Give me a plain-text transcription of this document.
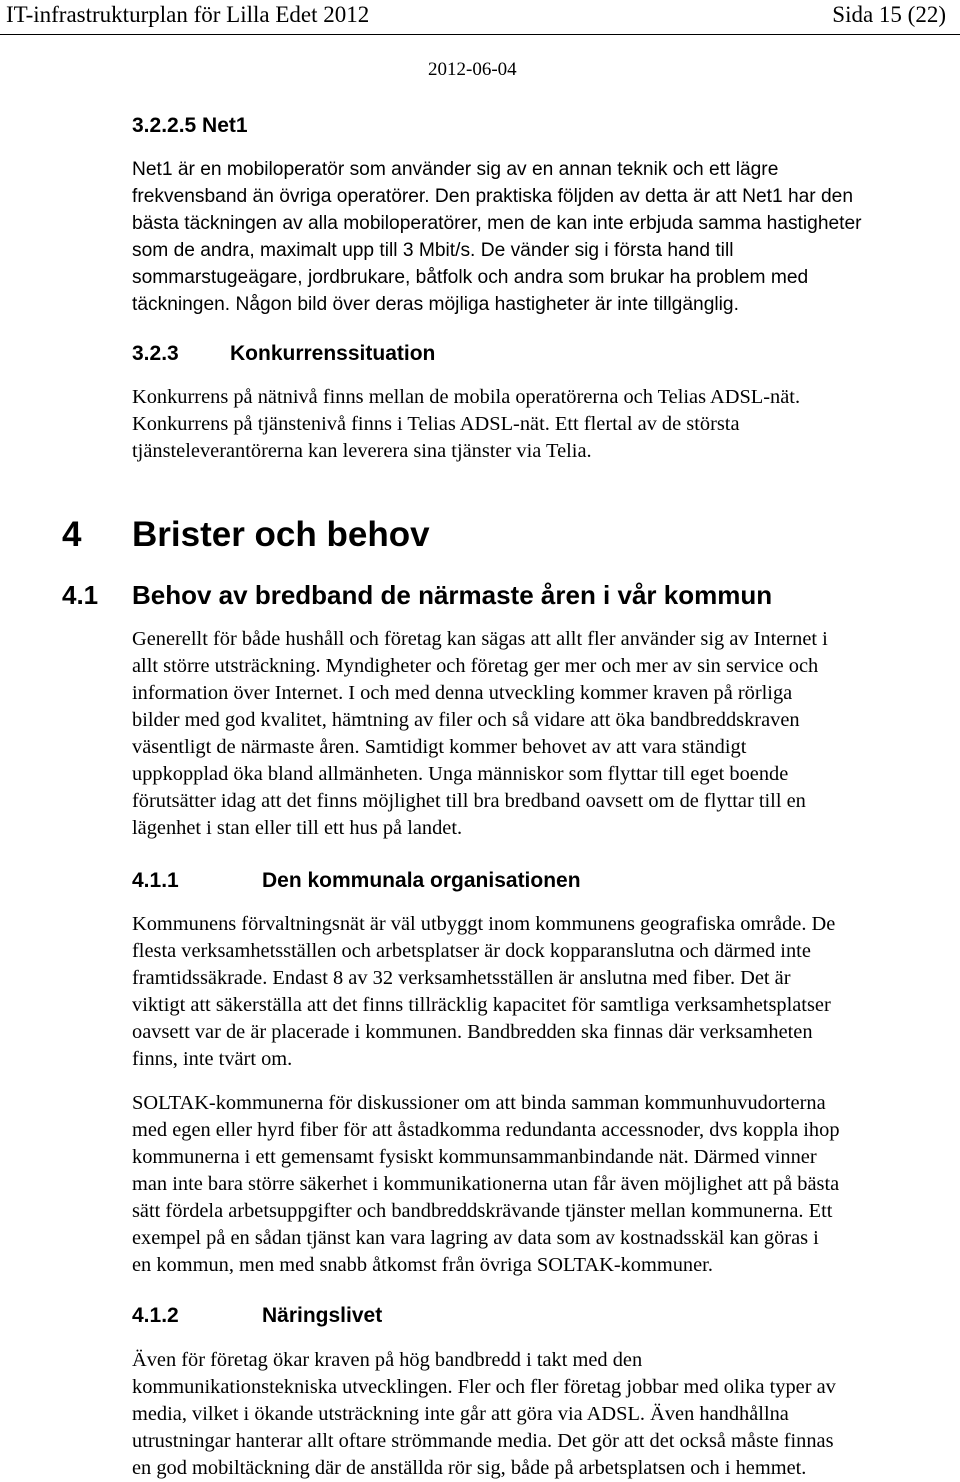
IT-infrastrukturplan för Lilla Edet 2012	Sida 15 (22)
2012-06-04
3.2.2.5 Net1
Net1 är en mobiloperatör som använder sig av en annan teknik och ett lägre
frekvensband än övriga operatörer. Den praktiska följden av detta är att Net1 har den
bästa täckningen av alla mobiloperatörer, men de kan inte erbjuda samma hastigheter
som de andra, maximalt upp till 3 Mbit/s. De vänder sig i första hand till
sommarstugeägare, jordbrukare, båtfolk och andra som brukar ha problem med
täckningen. Någon bild över deras möjliga hastigheter är inte tillgänglig.
3.2.3 Konkurrenssituation
Konkurrens på nätnivå finns mellan de mobila operatörerna och Telias ADSL-nät.
Konkurrens på tjänstenivå finns i Telias ADSL-nät. Ett flertal av de största
tjänsteleverantörerna kan leverera sina tjänster via Telia.
4 Brister och behov
4.1 Behov av bredband de närmaste åren i vår kommun
Generellt för både hushåll och företag kan sägas att allt fler använder sig av Internet i
allt större utsträckning. Myndigheter och företag ger mer och mer av sin service och
information över Internet. I och med denna utveckling kommer kraven på rörliga
bilder med god kvalitet, hämtning av filer och så vidare att öka bandbreddskraven
väsentligt de närmaste åren. Samtidigt kommer behovet av att vara ständigt
uppkopplad öka bland allmänheten. Unga människor som flyttar till eget boende
förutsätter idag att det finns möjlighet till bra bredband oavsett om de flyttar till en
lägenhet i stan eller till ett hus på landet.
4.1.1	Den kommunala organisationen
Kommunens förvaltningsnät är väl utbyggt inom kommunens geografiska område. De
flesta verksamhetsställen och arbetsplatser är dock kopparanslutna och därmed inte
framtidssäkrade. Endast 8 av 32 verksamhetsställen är anslutna med fiber. Det är
viktigt att säkerställa att det finns tillräcklig kapacitet för samtliga verksamhetsplatser
oavsett var de är placerade i kommunen. Bandbredden ska finnas där verksamheten
finns, inte tvärt om.
SOLTAK-kommunerna för diskussioner om att binda samman kommunhuvudorterna
med egen eller hyrd fiber för att åstadkomma redundanta accessnoder, dvs koppla ihop
kommunerna i ett gemensamt fysiskt kommunsammanbindande nät. Därmed vinner
man inte bara större säkerhet i kommunikationerna utan får även möjlighet att på bästa
sätt fördela arbetsuppgifter och bandbreddskrävande tjänster mellan kommunerna. Ett
exempel på en sådan tjänst kan vara lagring av data som av kostnadsskäl kan göras i
en kommun, men med snabb åtkomst från övriga SOLTAK-kommuner.
4.1.2	Näringslivet
Även för företag ökar kraven på hög bandbredd i takt med den
kommunikationstekniska utvecklingen. Fler och fler företag jobbar med olika typer av
media, vilket i ökande utsträckning inte går att göra via ADSL. Även handhållna
utrustningar hanterar allt oftare strömmande media. Det gör att det också måste finnas
en god mobiltäckning där de anställda rör sig, både på arbetsplatsen och i hemmet.
